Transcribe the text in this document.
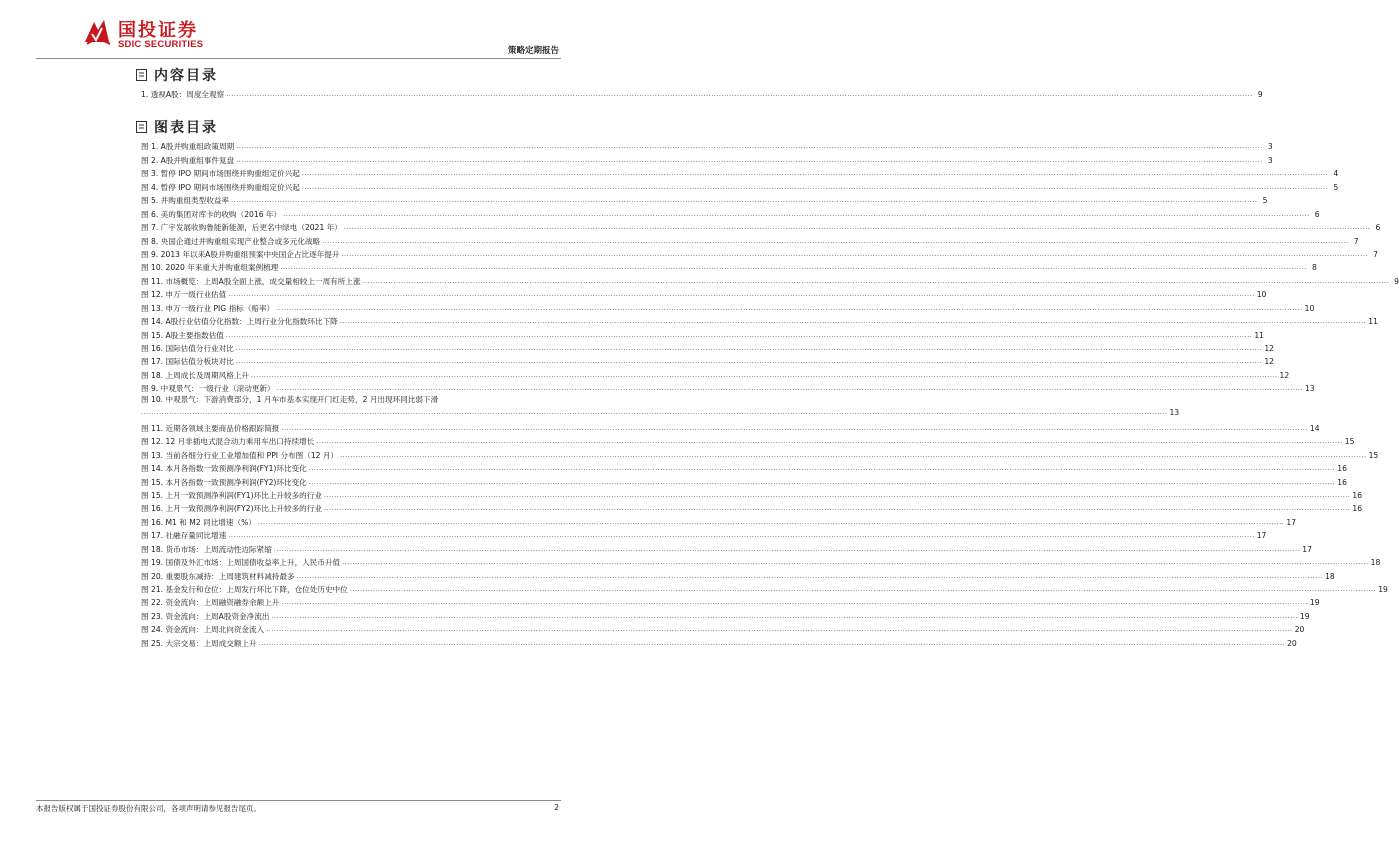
国投证券
SDIC SECURITIES
策略定期报告
内容目录
1. 透视A股：周度全观察 ................................................................................................................................................................................................................................................................................................................................................................................................................ 9
图表目录
图 1. A股并购重组政策周期 ................................................................................................................................................................................................................................................................................................................................................................................................................ 3
图 2. A股并购重组事件复盘 ................................................................................................................................................................................................................................................................................................................................................................................................................ 3
图 3. 暂停 IPO 期间市场围绕并购重组定价兴起 ................................................................................................................................................................................................................................................................................................................................................................................................................ 4
图 4. 暂停 IPO 期间市场围绕并购重组定价兴起 ................................................................................................................................................................................................................................................................................................................................................................................................................ 5
图 5. 并购重组类型收益率 ................................................................................................................................................................................................................................................................................................................................................................................................................ 5
图 6. 美的集团对库卡的收购（2016 年） ................................................................................................................................................................................................................................................................................................................................................................................................................ 6
图 7. 广宇发展收购鲁能新能源，后更名中绿电（2021 年） ................................................................................................................................................................................................................................................................................................................................................................................................................ 6
图 8. 央国企通过并购重组实现产业整合或多元化战略 ................................................................................................................................................................................................................................................................................................................................................................................................................ 7
图 9. 2013 年以来A股并购重组预案中央国企占比逐年提升 ................................................................................................................................................................................................................................................................................................................................................................................................................ 7
图 10. 2020 年来重大并购重组案例梳理 ................................................................................................................................................................................................................................................................................................................................................................................................................ 8
图 11. 市场概览：上周A股全面上涨，成交量相较上一周有所上涨 ................................................................................................................................................................................................................................................................................................................................................................................................................ 9
图 12. 申万一级行业估值 ................................................................................................................................................................................................................................................................................................................................................................................................................ 10
图 13. 申万一级行业 PIG 指标（赔率） ................................................................................................................................................................................................................................................................................................................................................................................................................ 10
图 14. A股行业估值分化指数：上周行业分化指数环比下降 ................................................................................................................................................................................................................................................................................................................................................................................................................ 11
图 15. A股主要指数估值 ................................................................................................................................................................................................................................................................................................................................................................................................................ 11
图 16. 国际估值分行业对比 ................................................................................................................................................................................................................................................................................................................................................................................................................ 12
图 17. 国际估值分板块对比 ................................................................................................................................................................................................................................................................................................................................................................................................................ 12
图 18. 上周成长及周期风格上升 ................................................................................................................................................................................................................................................................................................................................................................................................................ 12
图 9. 中观景气：一级行业（滚动更新） ................................................................................................................................................................................................................................................................................................................................................................................................................ 13
图 10. 中观景气：下游消费部分，1 月车市基本实现开门红走势，2 月出现环同比弱下滑
................................................................................................................................................................................................................................................................................................................................................................................................................ 13
图 11. 近期各领域主要商品价格跟踪简报 ................................................................................................................................................................................................................................................................................................................................................................................................................ 14
图 12. 12 月非插电式混合动力乘用车出口持续增长 ................................................................................................................................................................................................................................................................................................................................................................................................................ 15
图 13. 当前各细分行业工业增加值和 PPI 分布图（12 月） ................................................................................................................................................................................................................................................................................................................................................................................................................ 15
图 14. 本月各指数一致预测净利润(FY1)环比变化 ................................................................................................................................................................................................................................................................................................................................................................................................................ 16
图 15. 本月各指数一致预测净利润(FY2)环比变化 ................................................................................................................................................................................................................................................................................................................................................................................................................ 16
图 15. 上月一致预测净利润(FY1)环比上升较多的行业 ................................................................................................................................................................................................................................................................................................................................................................................................................ 16
图 16. 上月一致预测净利润(FY2)环比上升较多的行业 ................................................................................................................................................................................................................................................................................................................................................................................................................ 16
图 16. M1 和 M2 同比增速（%） ................................................................................................................................................................................................................................................................................................................................................................................................................ 17
图 17. 社融存量同比增速 ................................................................................................................................................................................................................................................................................................................................................................................................................ 17
图 18. 货币市场：上周流动性边际紧缩 ................................................................................................................................................................................................................................................................................................................................................................................................................ 17
图 19. 国债及外汇市场：上周国债收益率上升，人民币升值 ................................................................................................................................................................................................................................................................................................................................................................................................................ 18
图 20. 重要股东减持：上周建筑材料减持最多 ................................................................................................................................................................................................................................................................................................................................................................................................................ 18
图 21. 基金发行和仓位：上周发行环比下降，仓位处历史中位 ................................................................................................................................................................................................................................................................................................................................................................................................................ 19
图 22. 资金流向：上周融资融券余额上升 ................................................................................................................................................................................................................................................................................................................................................................................................................ 19
图 23. 资金流向：上周A股资金净流出 ................................................................................................................................................................................................................................................................................................................................................................................................................ 19
图 24. 资金流向：上周北向资金流入 ................................................................................................................................................................................................................................................................................................................................................................................................................ 20
图 25. 大宗交易：上周成交额上升 ................................................................................................................................................................................................................................................................................................................................................................................................................ 20
本报告版权属于国投证券股份有限公司，各项声明请参见报告尾页。	2
